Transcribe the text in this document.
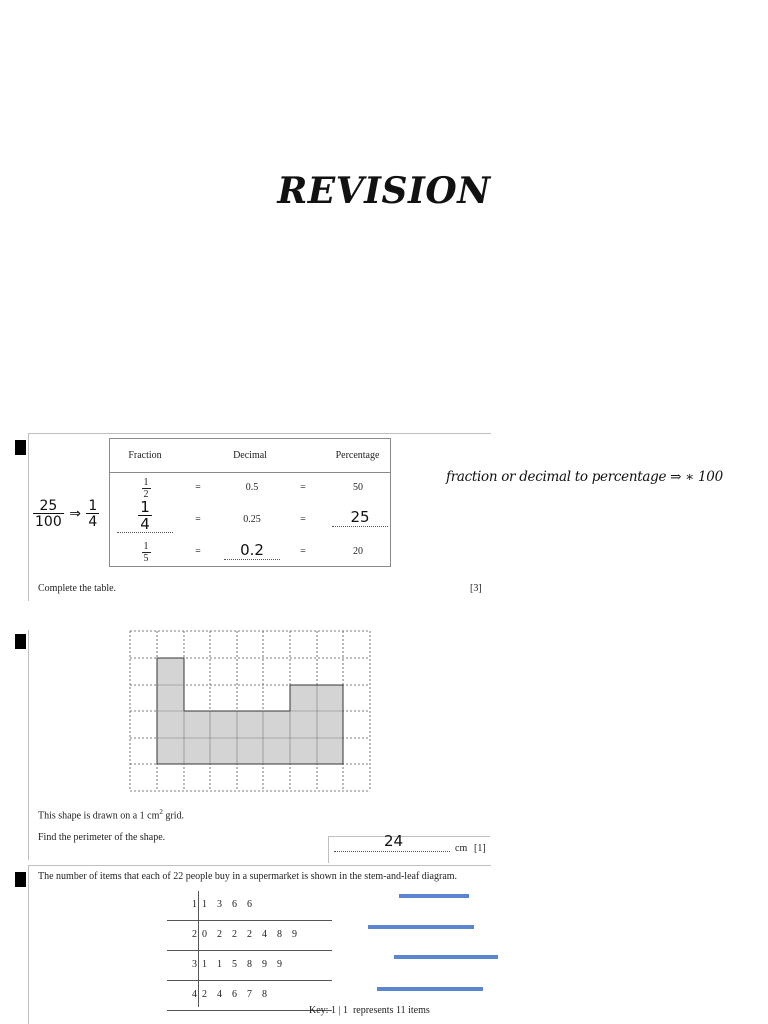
REVISION
Fraction	Decimal	Percentage
$\frac{1}{2}$	=	0.5	=	50
$\frac{1}{4}$	=	0.25	=	25
$\frac{1}{5}$	=	0.2	=	20
$\frac{25}{100}$ ⇒ $\frac{1}{4}$
fraction or decimal to percentage ⇒ ∗ 100
Complete the table.	[3]
This shape is drawn on a 1 $cm^2$ grid.
Find the perimeter of the shape.	24	cm [1]
The number of items that each of 22 people buy in a supermarket is shown in the stem-and-leaf diagram.
1 1 3 6 6
2 0 2 2 2 4 8 9
3 1 1 5 8 9 9
4 2 4 6 7 8
Key: 1 | 1  represents 11 items
